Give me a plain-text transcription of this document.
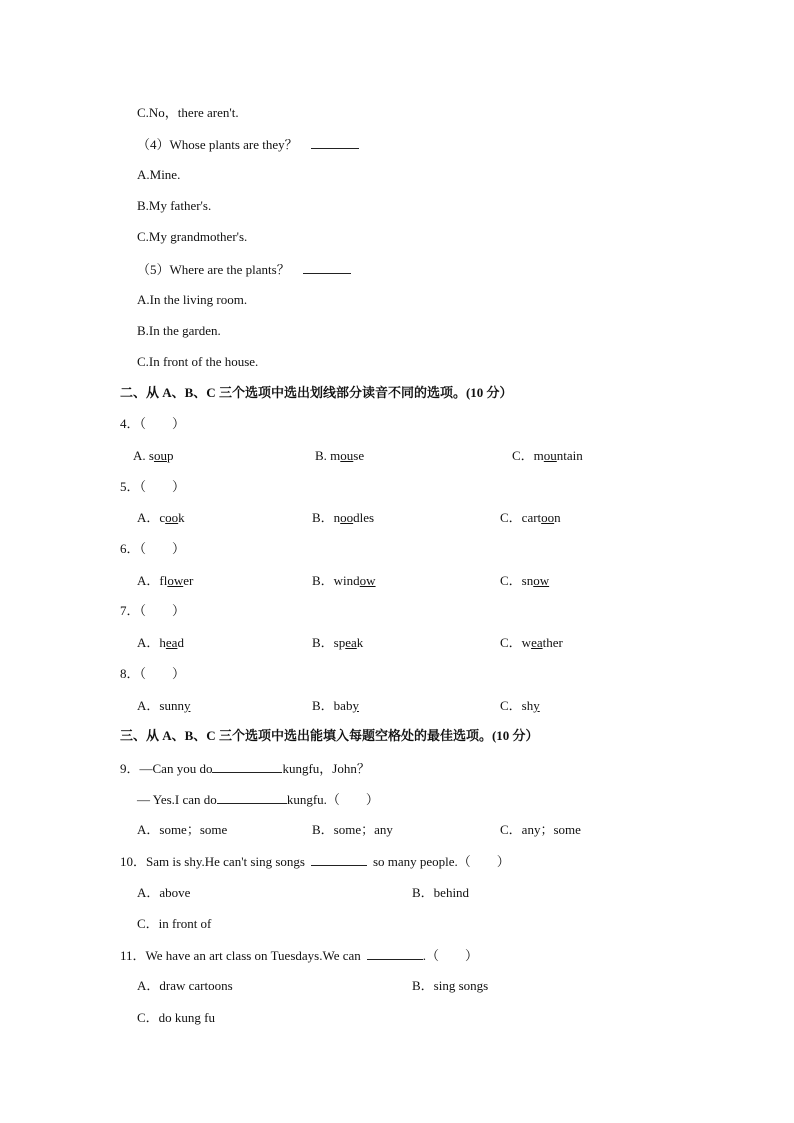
C.No，there aren't.
（4）Whose plants are they？
A.Mine.
B.My father's.
C.My grandmother's.
（5）Where are the plants？
A.In the living room.
B.In the garden.
C.In front of the house.
二、从 A、B、C 三个选项中选出划线部分读音不同的选项。(10 分）
4．（　　）
A. soup	B. mouse	C．mountain
5．（　　）
A．cook	B．noodles	C．cartoon
6．（　　）
A．flower	B．window	C．snow
7．（　　）
A．head	B．speak	C．weather
8．（　　）
A．sunny	B．baby	C．shy
三、从 A、B、C 三个选项中选出能填入每题空格处的最佳选项。(10 分）
9．—Can you do	kungfu，John？
— Yes.I can do	kungfu.（　　）
A．some；some	B．some；any	C．any；some
10．Sam is shy.He can't sing songs	so many people.（　　）
A．above	B．behind
C．in front of
11．We have an art class on Tuesdays.We can	.（　　）
A．draw cartoons	B．sing songs
C．do kung fu
